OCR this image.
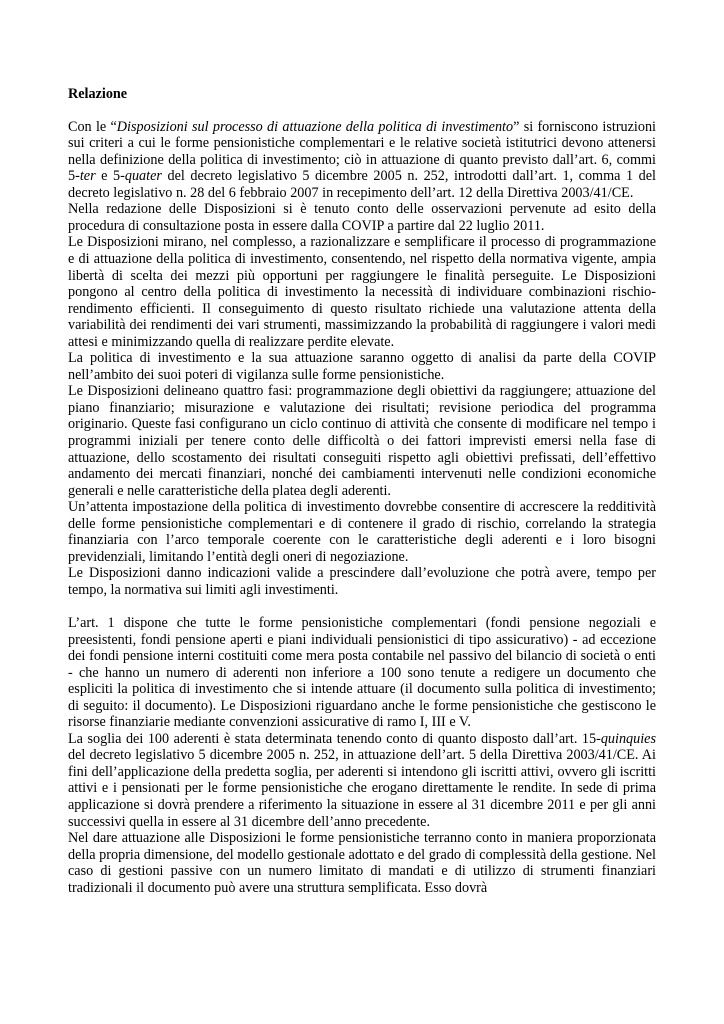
Relazione

Con le “Disposizioni sul processo di attuazione della politica di investimento” si forniscono istruzioni sui criteri a cui le forme pensionistiche complementari e le relative società istitutrici devono attenersi nella definizione della politica di investimento; ciò in attuazione di quanto previsto dall’art. 6, commi 5-ter e 5-quater del decreto legislativo 5 dicembre 2005 n. 252, introdotti dall’art. 1, comma 1 del decreto legislativo n. 28 del 6 febbraio 2007 in recepimento dell’art. 12 della Direttiva 2003/41/CE.

Nella redazione delle Disposizioni si è tenuto conto delle osservazioni pervenute ad esito della procedura di consultazione posta in essere dalla COVIP a partire dal 22 luglio 2011.

Le Disposizioni mirano, nel complesso, a razionalizzare e semplificare il processo di programmazione e di attuazione della politica di investimento, consentendo, nel rispetto della normativa vigente, ampia libertà di scelta dei mezzi più opportuni per raggiungere le finalità perseguite. Le Disposizioni pongono al centro della politica di investimento la necessità di individuare combinazioni rischio-rendimento efficienti. Il conseguimento di questo risultato richiede una valutazione attenta della variabilità dei rendimenti dei vari strumenti, massimizzando la probabilità di raggiungere i valori medi attesi e minimizzando quella di realizzare perdite elevate.

La politica di investimento e la sua attuazione saranno oggetto di analisi da parte della COVIP nell’ambito dei suoi poteri di vigilanza sulle forme pensionistiche.

Le Disposizioni delineano quattro fasi: programmazione degli obiettivi da raggiungere; attuazione del piano finanziario; misurazione e valutazione dei risultati; revisione periodica del programma originario. Queste fasi configurano un ciclo continuo di attività che consente di modificare nel tempo i programmi iniziali per tenere conto delle difficoltà o dei fattori imprevisti emersi nella fase di attuazione, dello scostamento dei risultati conseguiti rispetto agli obiettivi prefissati, dell’effettivo andamento dei mercati finanziari, nonché dei cambiamenti intervenuti nelle condizioni economiche generali e nelle caratteristiche della platea degli aderenti.

Un’attenta impostazione della politica di investimento dovrebbe consentire di accrescere la redditività delle forme pensionistiche complementari e di contenere il grado di rischio, correlando la strategia finanziaria con l’arco temporale coerente con le caratteristiche degli aderenti e i loro bisogni previdenziali, limitando l’entità degli oneri di negoziazione.

Le Disposizioni danno indicazioni valide a prescindere dall’evoluzione che potrà avere, tempo per tempo, la normativa sui limiti agli investimenti.

L’art. 1 dispone che tutte le forme pensionistiche complementari (fondi pensione negoziali e preesistenti, fondi pensione aperti e piani individuali pensionistici di tipo assicurativo) - ad eccezione dei fondi pensione interni costituiti come mera posta contabile nel passivo del bilancio di società o enti - che hanno un numero di aderenti non inferiore a 100 sono tenute a redigere un documento che espliciti la politica di investimento che si intende attuare (il documento sulla politica di investimento; di seguito: il documento). Le Disposizioni riguardano anche le forme pensionistiche che gestiscono le risorse finanziarie mediante convenzioni assicurative di ramo I, III e V.

La soglia dei 100 aderenti è stata determinata tenendo conto di quanto disposto dall’art. 15-quinquies del decreto legislativo 5 dicembre 2005 n. 252, in attuazione dell’art. 5 della Direttiva 2003/41/CE. Ai fini dell’applicazione della predetta soglia, per aderenti si intendono gli iscritti attivi, ovvero gli iscritti attivi e i pensionati per le forme pensionistiche che erogano direttamente le rendite. In sede di prima applicazione si dovrà prendere a riferimento la situazione in essere al 31 dicembre 2011 e per gli anni successivi quella in essere al 31 dicembre dell’anno precedente.

Nel dare attuazione alle Disposizioni le forme pensionistiche terranno conto in maniera proporzionata della propria dimensione, del modello gestionale adottato e del grado di complessità della gestione. Nel caso di gestioni passive con un numero limitato di mandati e di utilizzo di strumenti finanziari tradizionali il documento può avere una struttura semplificata. Esso dovrà
